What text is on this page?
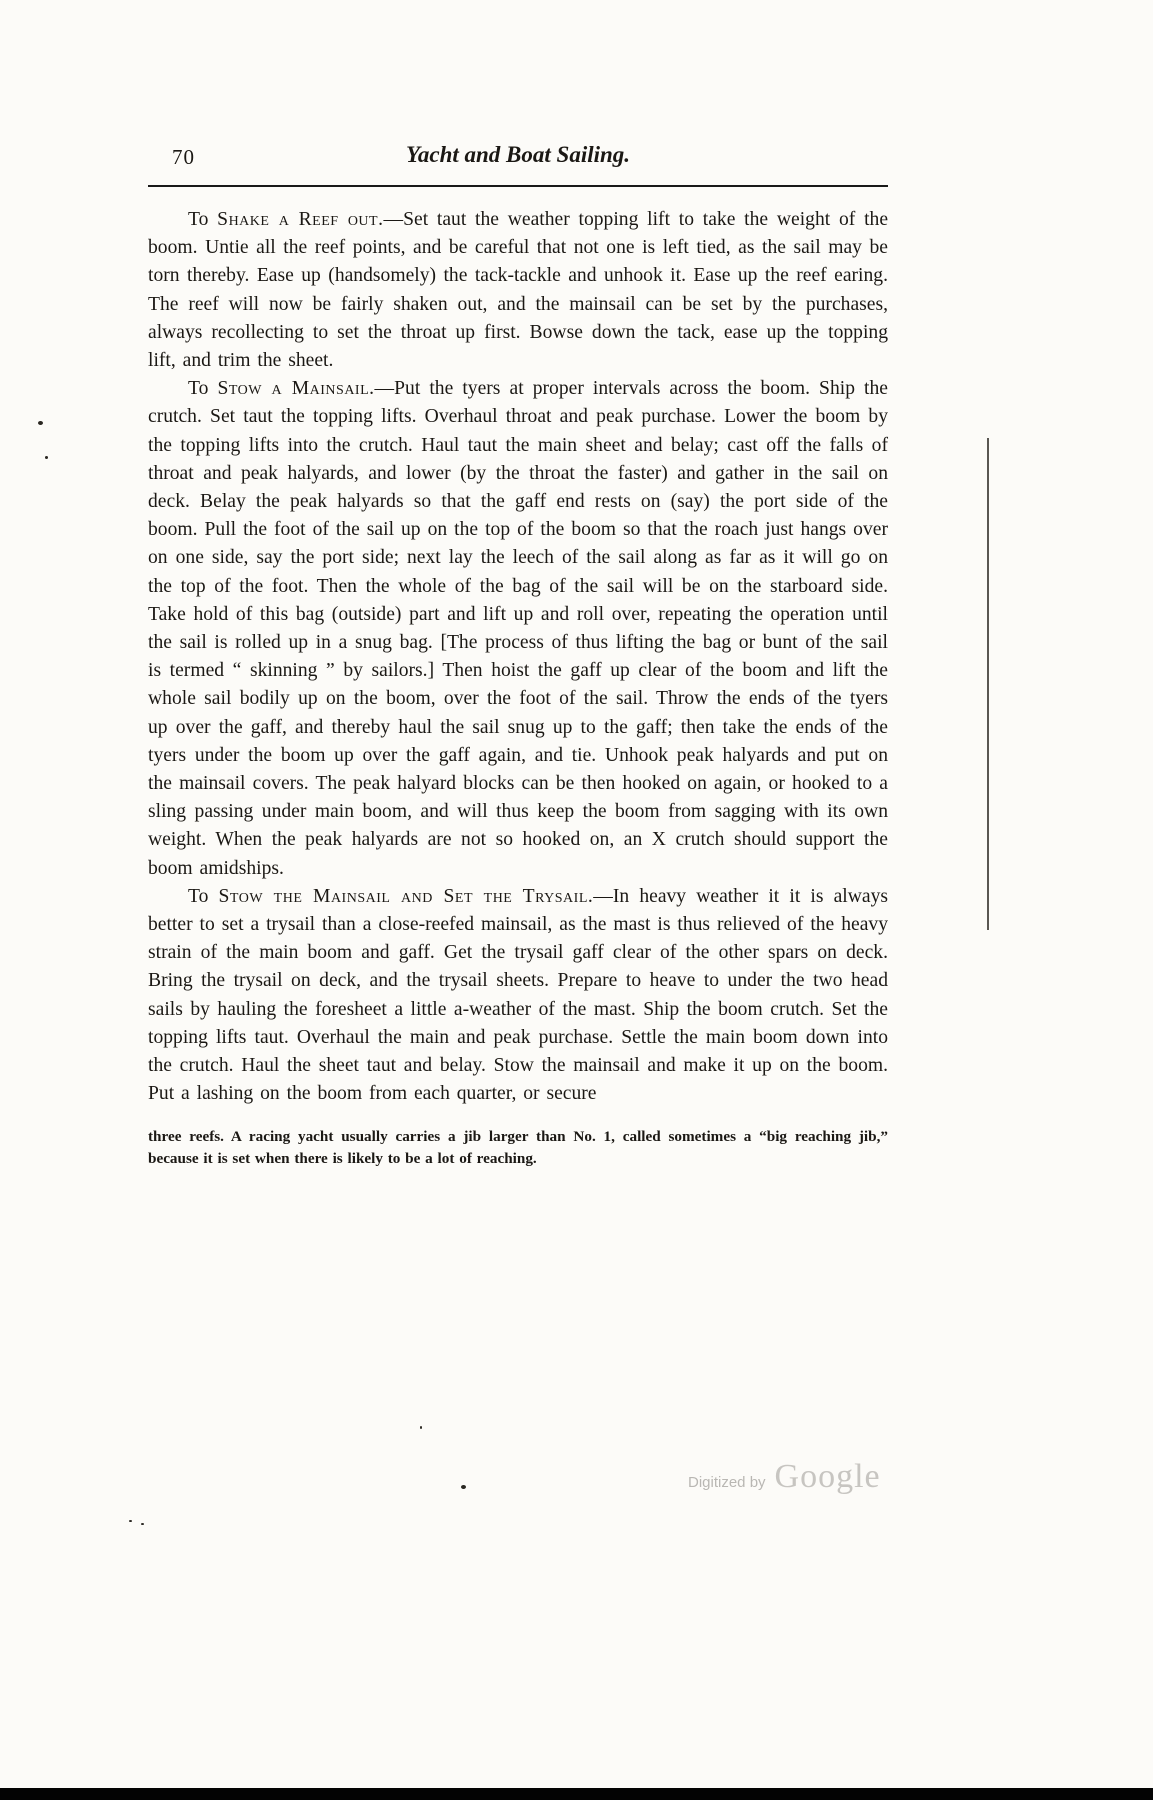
70	Yacht and Boat Sailing.

To Shake a Reef out.—Set taut the weather topping lift to take the weight of the boom. Untie all the reef points, and be careful that not one is left tied, as the sail may be torn thereby. Ease up (handsomely) the tack-tackle and unhook it. Ease up the reef earing. The reef will now be fairly shaken out, and the mainsail can be set by the purchases, always recollecting to set the throat up first. Bowse down the tack, ease up the topping lift, and trim the sheet.

To Stow a Mainsail.—Put the tyers at proper intervals across the boom. Ship the crutch. Set taut the topping lifts. Overhaul throat and peak purchase. Lower the boom by the topping lifts into the crutch. Haul taut the main sheet and belay; cast off the falls of throat and peak halyards, and lower (by the throat the faster) and gather in the sail on deck. Belay the peak halyards so that the gaff end rests on (say) the port side of the boom. Pull the foot of the sail up on the top of the boom so that the roach just hangs over on one side, say the port side; next lay the leech of the sail along as far as it will go on the top of the foot. Then the whole of the bag of the sail will be on the starboard side. Take hold of this bag (outside) part and lift up and roll over, repeating the operation until the sail is rolled up in a snug bag. [The process of thus lifting the bag or bunt of the sail is termed “ skinning ” by sailors.] Then hoist the gaff up clear of the boom and lift the whole sail bodily up on the boom, over the foot of the sail. Throw the ends of the tyers up over the gaff, and thereby haul the sail snug up to the gaff; then take the ends of the tyers under the boom up over the gaff again, and tie. Unhook peak halyards and put on the mainsail covers. The peak halyard blocks can be then hooked on again, or hooked to a sling passing under main boom, and will thus keep the boom from sagging with its own weight. When the peak halyards are not so hooked on, an X crutch should support the boom amidships.

To Stow the Mainsail and Set the Trysail.—In heavy weather it it is always better to set a trysail than a close-reefed mainsail, as the mast is thus relieved of the heavy strain of the main boom and gaff. Get the trysail gaff clear of the other spars on deck. Bring the trysail on deck, and the trysail sheets. Prepare to heave to under the two head sails by hauling the foresheet a little a-weather of the mast. Ship the boom crutch. Set the topping lifts taut. Overhaul the main and peak purchase. Settle the main boom down into the crutch. Haul the sheet taut and belay. Stow the mainsail and make it up on the boom. Put a lashing on the boom from each quarter, or secure

three reefs. A racing yacht usually carries a jib larger than No. 1, called sometimes a “big reaching jib,” because it is set when there is likely to be a lot of reaching.

Digitized by Google
